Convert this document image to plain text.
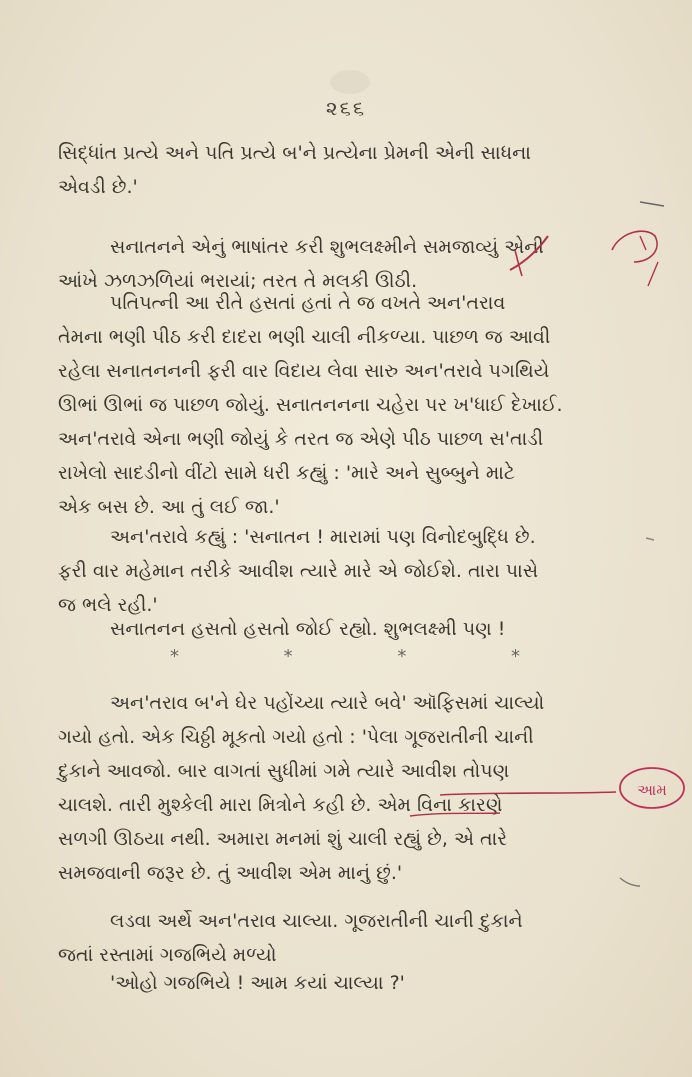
૨૬૬
સિદ્ધાંત પ્રત્યે અને પતિ પ્રત્યે બ'ને પ્રત્યેના પ્રેમની એની સાધના
એવડી છે.'
સનાતનને એનું ભાષાંતર કરી શુભલક્ષ્મીને સમજાવ્યું એની
આંખે ઝળઝળિયાં ભરાયાં; તરત તે મલકી ઊઠી.
પતિપત્ની આ રીતે હસતાં હતાં તે જ વખતે અન'તરાવ
તેમના ભણી પીઠ કરી દાદરા ભણી ચાલી નીકળ્યા. પાછળ જ આવી
રહેલા સનાતનનની ફરી વાર વિદાય લેવા સારુ અન'તરાવે પગથિયે
ઊભાં ઊભાં જ પાછળ જોયું. સનાતનનના ચહેરા પર ખ'ધાઈ દેખાઈ.
અન'તરાવે એના ભણી જોયું કે તરત જ એણે પીઠ પાછળ સ'તાડી
રાખેલો સાદડીનો વીંટો સામે ધરી કહ્યું : 'મારે અને સુબ્બુને માટે
એક બસ છે. આ તું લઈ જા.'
અન'તરાવે કહ્યું : 'સનાતન ! મારામાં પણ વિનોદબુદ્ધિ છે.
ફરી વાર મહેમાન તરીકે આવીશ ત્યારે મારે એ જોઈશે. તારા પાસે
જ ભલે રહી.'
સનાતનન હસતો હસતો જોઈ રહ્યો. શુભલક્ષ્મી પણ !
*	*	*	*
અન'તરાવ બ'ને ઘેર પહોંચ્યા ત્યારે બવે' ઑફિસમાં ચાલ્યો
ગયો હતો. એક ચિઠ્ઠી મૂકતો ગયો હતો : 'પેલા ગૂજરાતીની ચાની
દુકાને આવજો. બાર વાગતાં સુધીમાં ગમે ત્યારે આવીશ તોપણ
ચાલશે. તારી મુશ્કેલી મારા મિત્રોને કહી છે. એમ વિના કારણે
સળગી ઊઠયા નથી. અમારા મનમાં શું ચાલી રહ્યું છે, એ તારે
સમજવાની જરૂર છે. તું આવીશ એમ માનું છું.'
લડવા અર્થે અન'તરાવ ચાલ્યા. ગૂજરાતીની ચાની દુકાને
જતાં રસ્તામાં ગજભિયે મળ્યો
'ઓહો ગજભિયે ! આમ કયાં ચાલ્યા ?'
આમ
